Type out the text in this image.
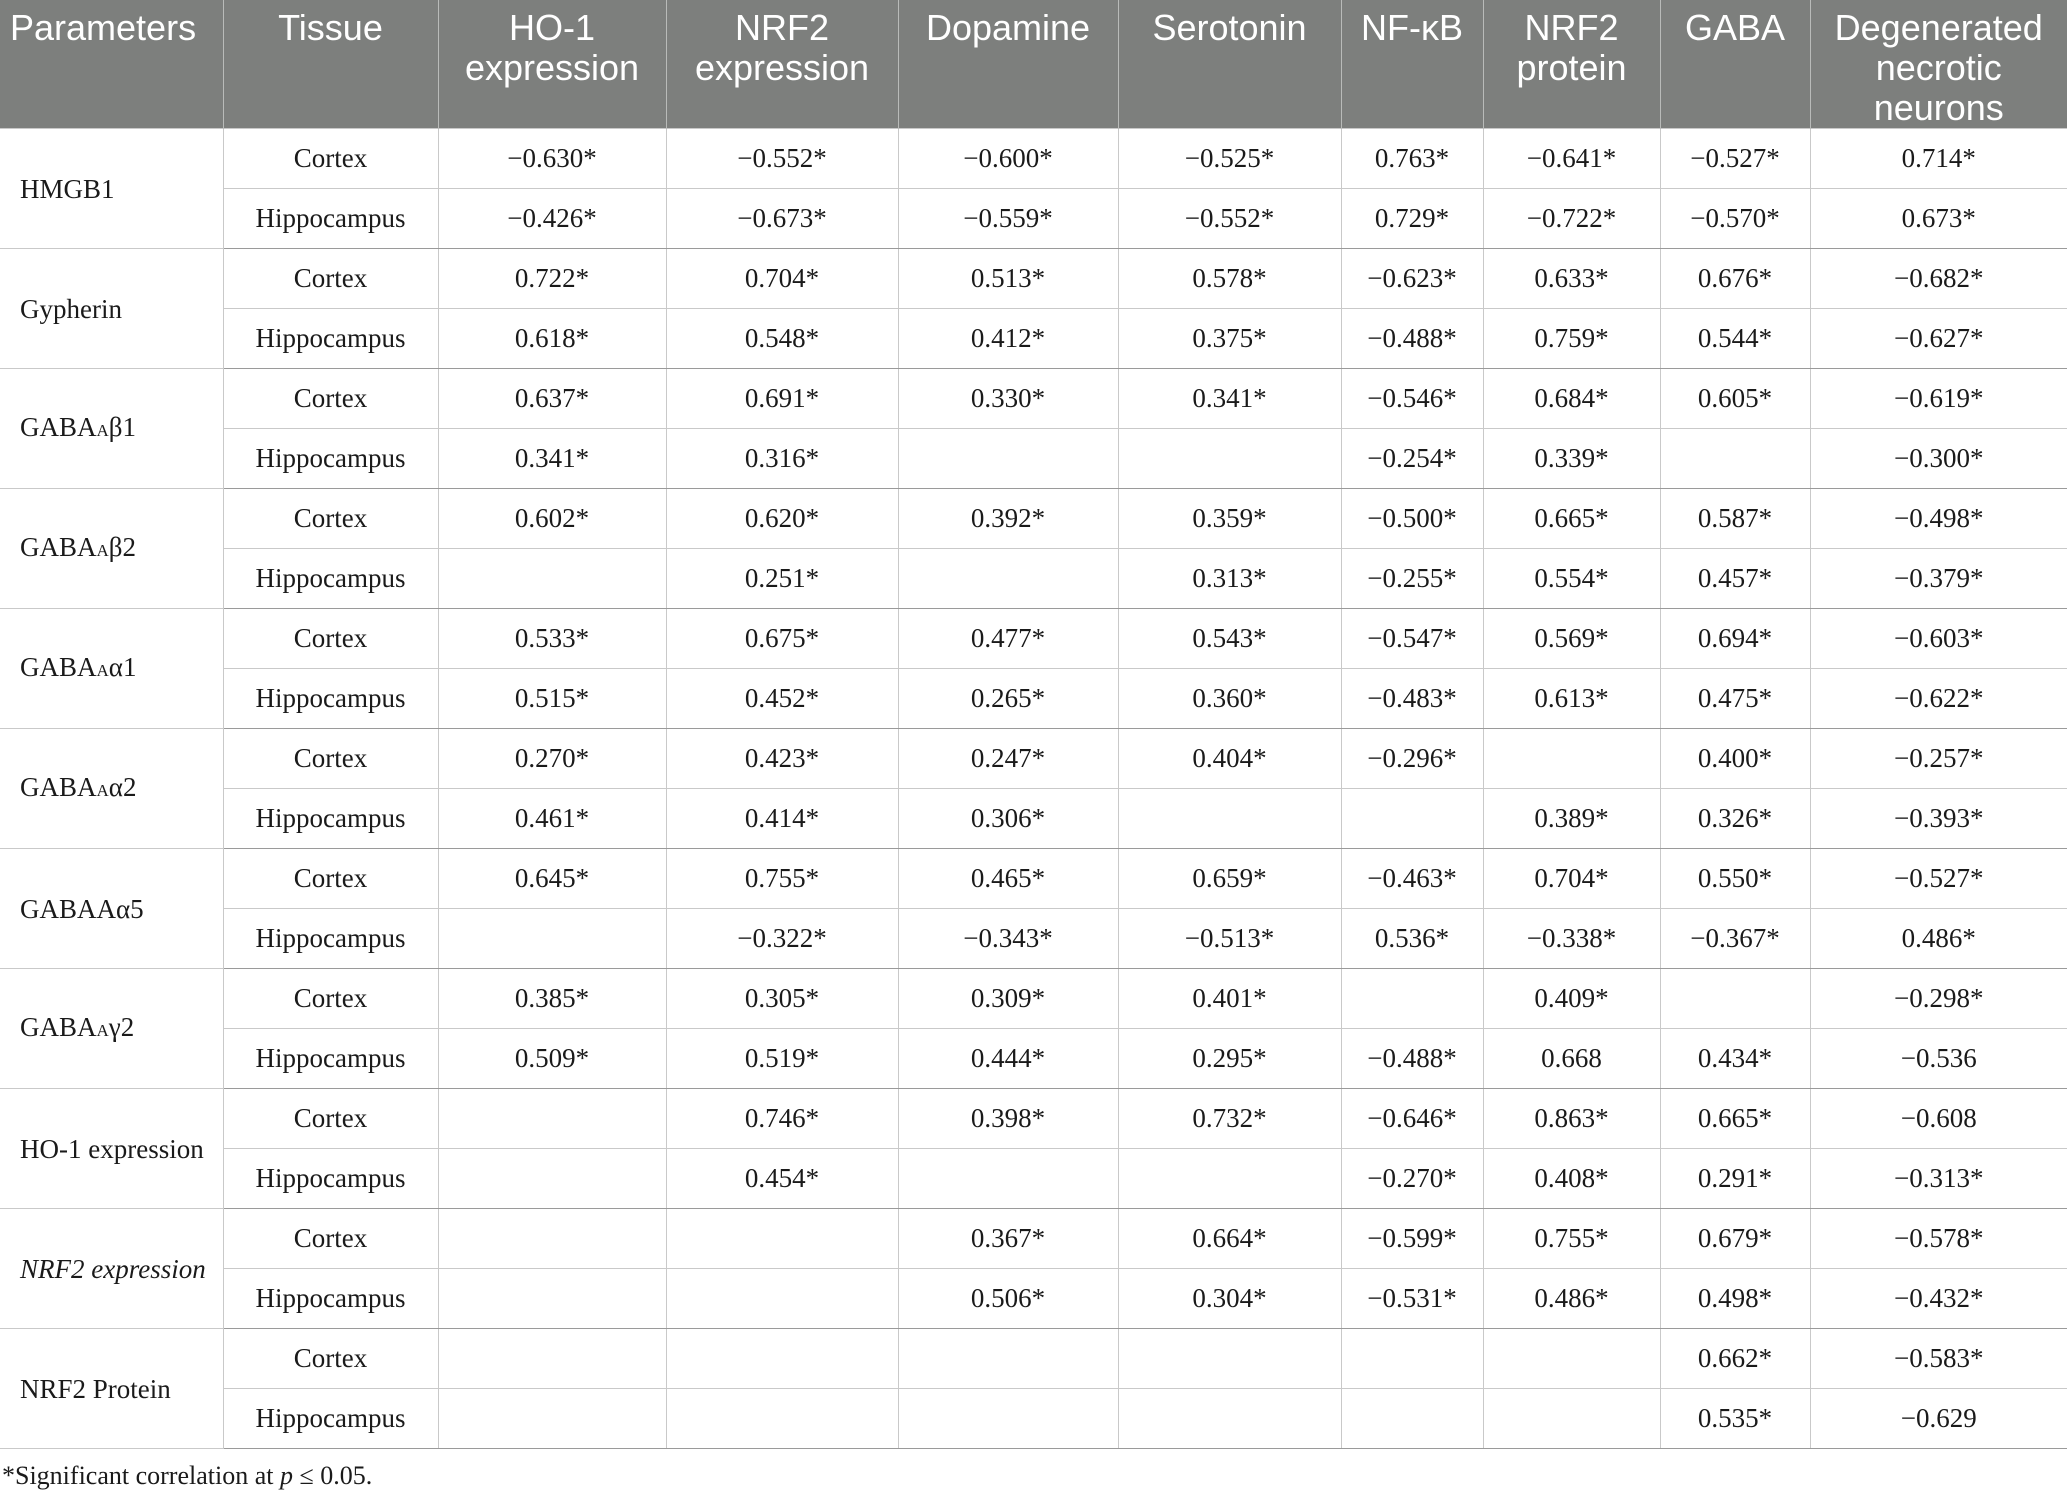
Parameters	Tissue	HO-1 expression	NRF2 expression	Dopamine	Serotonin	NF-κB	NRF2 protein	GABA	Degenerated necrotic neurons
HMGB1	Cortex	−0.630*	−0.552*	−0.600*	−0.525*	0.763*	−0.641*	−0.527*	0.714*
	Hippocampus	−0.426*	−0.673*	−0.559*	−0.552*	0.729*	−0.722*	−0.570*	0.673*
Gypherin	Cortex	0.722*	0.704*	0.513*	0.578*	−0.623*	0.633*	0.676*	−0.682*
	Hippocampus	0.618*	0.548*	0.412*	0.375*	−0.488*	0.759*	0.544*	−0.627*
GABAAβ1	Cortex	0.637*	0.691*	0.330*	0.341*	−0.546*	0.684*	0.605*	−0.619*
	Hippocampus	0.341*	0.316*			−0.254*	0.339*		−0.300*
GABAAβ2	Cortex	0.602*	0.620*	0.392*	0.359*	−0.500*	0.665*	0.587*	−0.498*
	Hippocampus		0.251*		0.313*	−0.255*	0.554*	0.457*	−0.379*
GABAAα1	Cortex	0.533*	0.675*	0.477*	0.543*	−0.547*	0.569*	0.694*	−0.603*
	Hippocampus	0.515*	0.452*	0.265*	0.360*	−0.483*	0.613*	0.475*	−0.622*
GABAAα2	Cortex	0.270*	0.423*	0.247*	0.404*	−0.296*		0.400*	−0.257*
	Hippocampus	0.461*	0.414*	0.306*			0.389*	0.326*	−0.393*
GABAAα5	Cortex	0.645*	0.755*	0.465*	0.659*	−0.463*	0.704*	0.550*	−0.527*
	Hippocampus		−0.322*	−0.343*	−0.513*	0.536*	−0.338*	−0.367*	0.486*
GABAAγ2	Cortex	0.385*	0.305*	0.309*	0.401*		0.409*		−0.298*
	Hippocampus	0.509*	0.519*	0.444*	0.295*	−0.488*	0.668	0.434*	−0.536
HO-1 expression	Cortex		0.746*	0.398*	0.732*	−0.646*	0.863*	0.665*	−0.608
	Hippocampus		0.454*			−0.270*	0.408*	0.291*	−0.313*
NRF2 expression	Cortex			0.367*	0.664*	−0.599*	0.755*	0.679*	−0.578*
	Hippocampus			0.506*	0.304*	−0.531*	0.486*	0.498*	−0.432*
NRF2 Protein	Cortex							0.662*	−0.583*
	Hippocampus							0.535*	−0.629
*Significant correlation at p ≤ 0.05.
